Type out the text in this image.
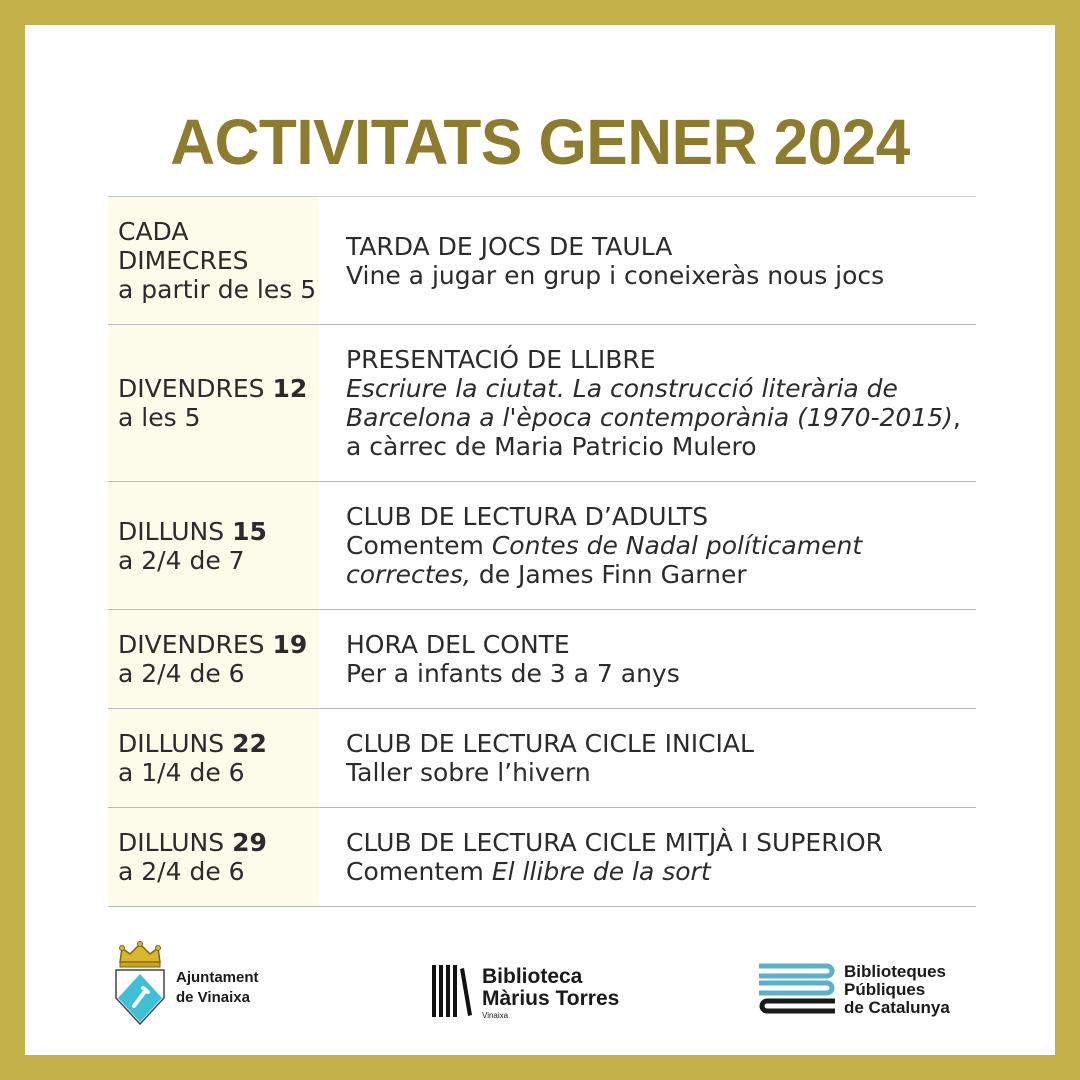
ACTIVITATS GENER 2024
CADA DIMECRES
a partir de les 5
TARDA DE JOCS DE TAULA
Vine a jugar en grup i coneixeràs nous jocs
DIVENDRES 12
a les 5
PRESENTACIÓ DE LLIBRE
Escriure la ciutat. La construcció literària de Barcelona a l'època contemporània (1970-2015), a càrrec de Maria Patricio Mulero
DILLUNS 15
a 2/4 de 7
CLUB DE LECTURA D’ADULTS
Comentem Contes de Nadal políticament correctes, de James Finn Garner
DIVENDRES 19
a 2/4 de 6
HORA DEL CONTE
Per a infants de 3 a 7 anys
DILLUNS 22
a 1/4 de 6
CLUB DE LECTURA CICLE INICIAL
Taller sobre l’hivern
DILLUNS 29
a 2/4 de 6
CLUB DE LECTURA CICLE MITJÀ I SUPERIOR
Comentem El llibre de la sort
Ajuntament
de Vinaixa
Biblioteca
Màrius Torres
Vinaixa
Biblioteques
Públiques
de Catalunya
